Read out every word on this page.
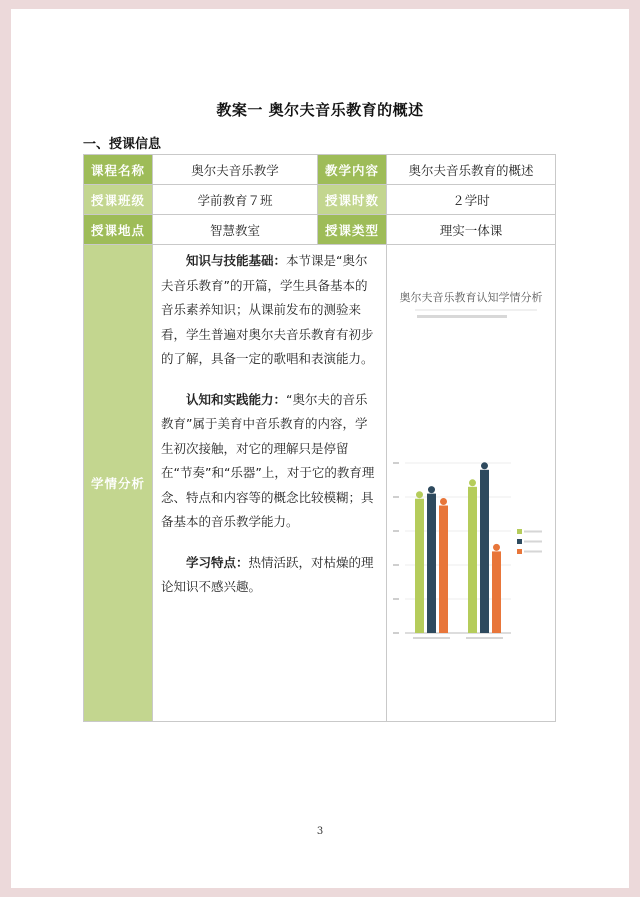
教案一 奥尔夫音乐教育的概述
一、授课信息
课程名称	奥尔夫音乐教学	教学内容	奥尔夫音乐教育的概述
授课班级	学前教育７班	授课时数	２学时
授课地点	智慧教室	授课类型	理实一体课
学情分析	知识与技能基础：本节课是“奥尔夫音乐教育”的开篇，学生具备基本的音乐素养知识；从课前发布的测验来看，学生普遍对奥尔夫音乐教育有初步的了解，具备一定的歌唱和表演能力。

认知和实践能力：“奥尔夫的音乐教育”属于美育中音乐教育的内容，学生初次接触，对它的理解只是停留在“节奏”和“乐器”上，对于它的教育理念、特点和内容等的概念比较模糊；具备基本的音乐教学能力。

学习特点：热情活跃，对枯燥的理论知识不感兴趣。		奥尔夫音乐教育认知学情分析
3
